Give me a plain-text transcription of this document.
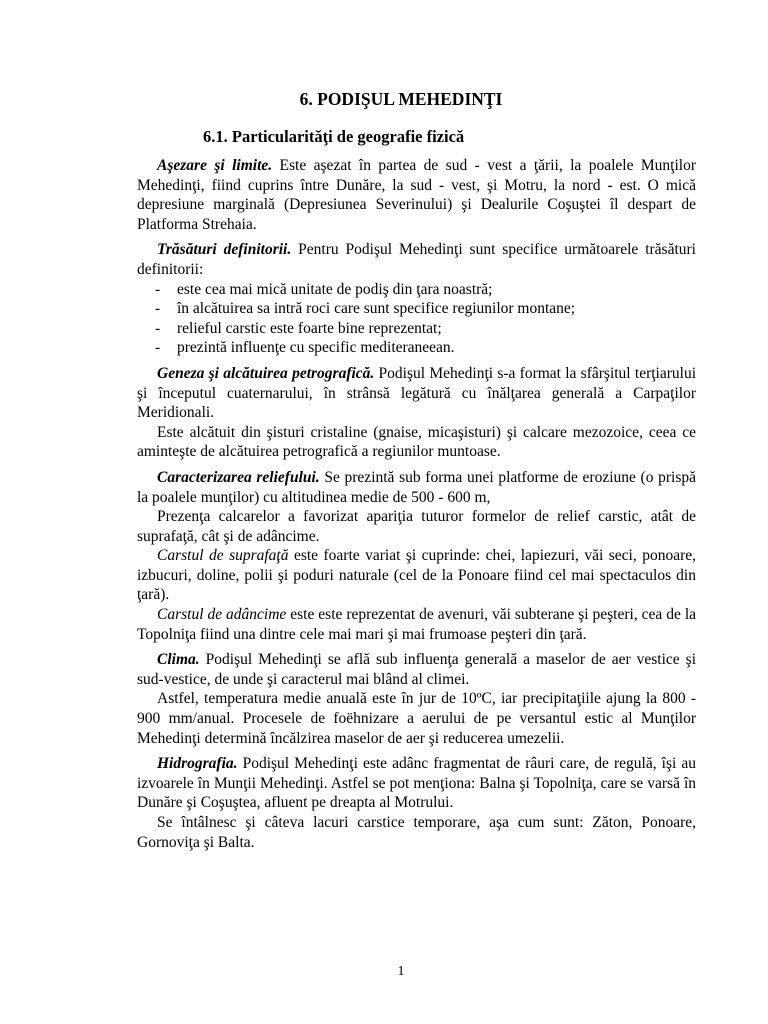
6. PODIŞUL MEHEDINŢI
6.1. Particularităţi de geografie fizică

Aşezare şi limite. Este aşezat în partea de sud - vest a ţării, la poalele Munţilor Mehedinţi, fiind cuprins între Dunăre, la sud - vest, şi Motru, la nord - est. O mică depresiune marginală (Depresiunea Severinului) şi Dealurile Coşuştei îl despart de Platforma Strehaia.

Trăsături definitorii. Pentru Podişul Mehedinţi sunt specifice următoarele trăsături definitorii:

- este cea mai mică unitate de podiş din ţara noastră;
- în alcătuirea sa intră roci care sunt specifice regiunilor montane;
- relieful carstic este foarte bine reprezentat;
- prezintă influenţe cu specific mediteraneean.

Geneza şi alcătuirea petrografică. Podişul Mehedinţi s-a format la sfârşitul terţiarului şi începutul cuaternarului, în strânsă legătură cu înălţarea generală a Carpaţilor Meridionali.

Este alcătuit din şisturi cristaline (gnaise, micaşisturi) şi calcare mezozoice, ceea ce aminteşte de alcătuirea petrografică a regiunilor muntoase.

Caracterizarea reliefului. Se prezintă sub forma unei platforme de eroziune (o prispă la poalele munţilor) cu altitudinea medie de 500 - 600 m,

Prezenţa calcarelor a favorizat apariţia tuturor formelor de relief carstic, atât de suprafaţă, cât şi de adâncime.

Carstul de suprafaţă este foarte variat şi cuprinde: chei, lapiezuri, văi seci, ponoare, izbucuri, doline, polii şi poduri naturale (cel de la Ponoare fiind cel mai spectaculos din ţară).

Carstul de adâncime este este reprezentat de avenuri, văi subterane şi peşteri, cea de la Topolniţa fiind una dintre cele mai mari şi mai frumoase peşteri din ţară.

Clima. Podişul Mehedinţi se află sub influenţa generală a maselor de aer vestice şi sud-vestice, de unde şi caracterul mai blând al climei.

Astfel, temperatura medie anuală este în jur de 10ºC, iar precipitaţiile ajung la 800 - 900 mm/anual. Procesele de foëhnizare a aerului de pe versantul estic al Munţilor Mehedinţi determină încălzirea maselor de aer şi reducerea umezelii.

Hidrografia. Podişul Mehedinţi este adânc fragmentat de râuri care, de regulă, îşi au izvoarele în Munţii Mehedinţi. Astfel se pot menţiona: Balna şi Topolniţa, care se varsă în Dunăre şi Coşuştea, afluent pe dreapta al Motrului.

Se întâlnesc şi câteva lacuri carstice temporare, aşa cum sunt: Zăton, Ponoare, Gornoviţa şi Balta.

1
